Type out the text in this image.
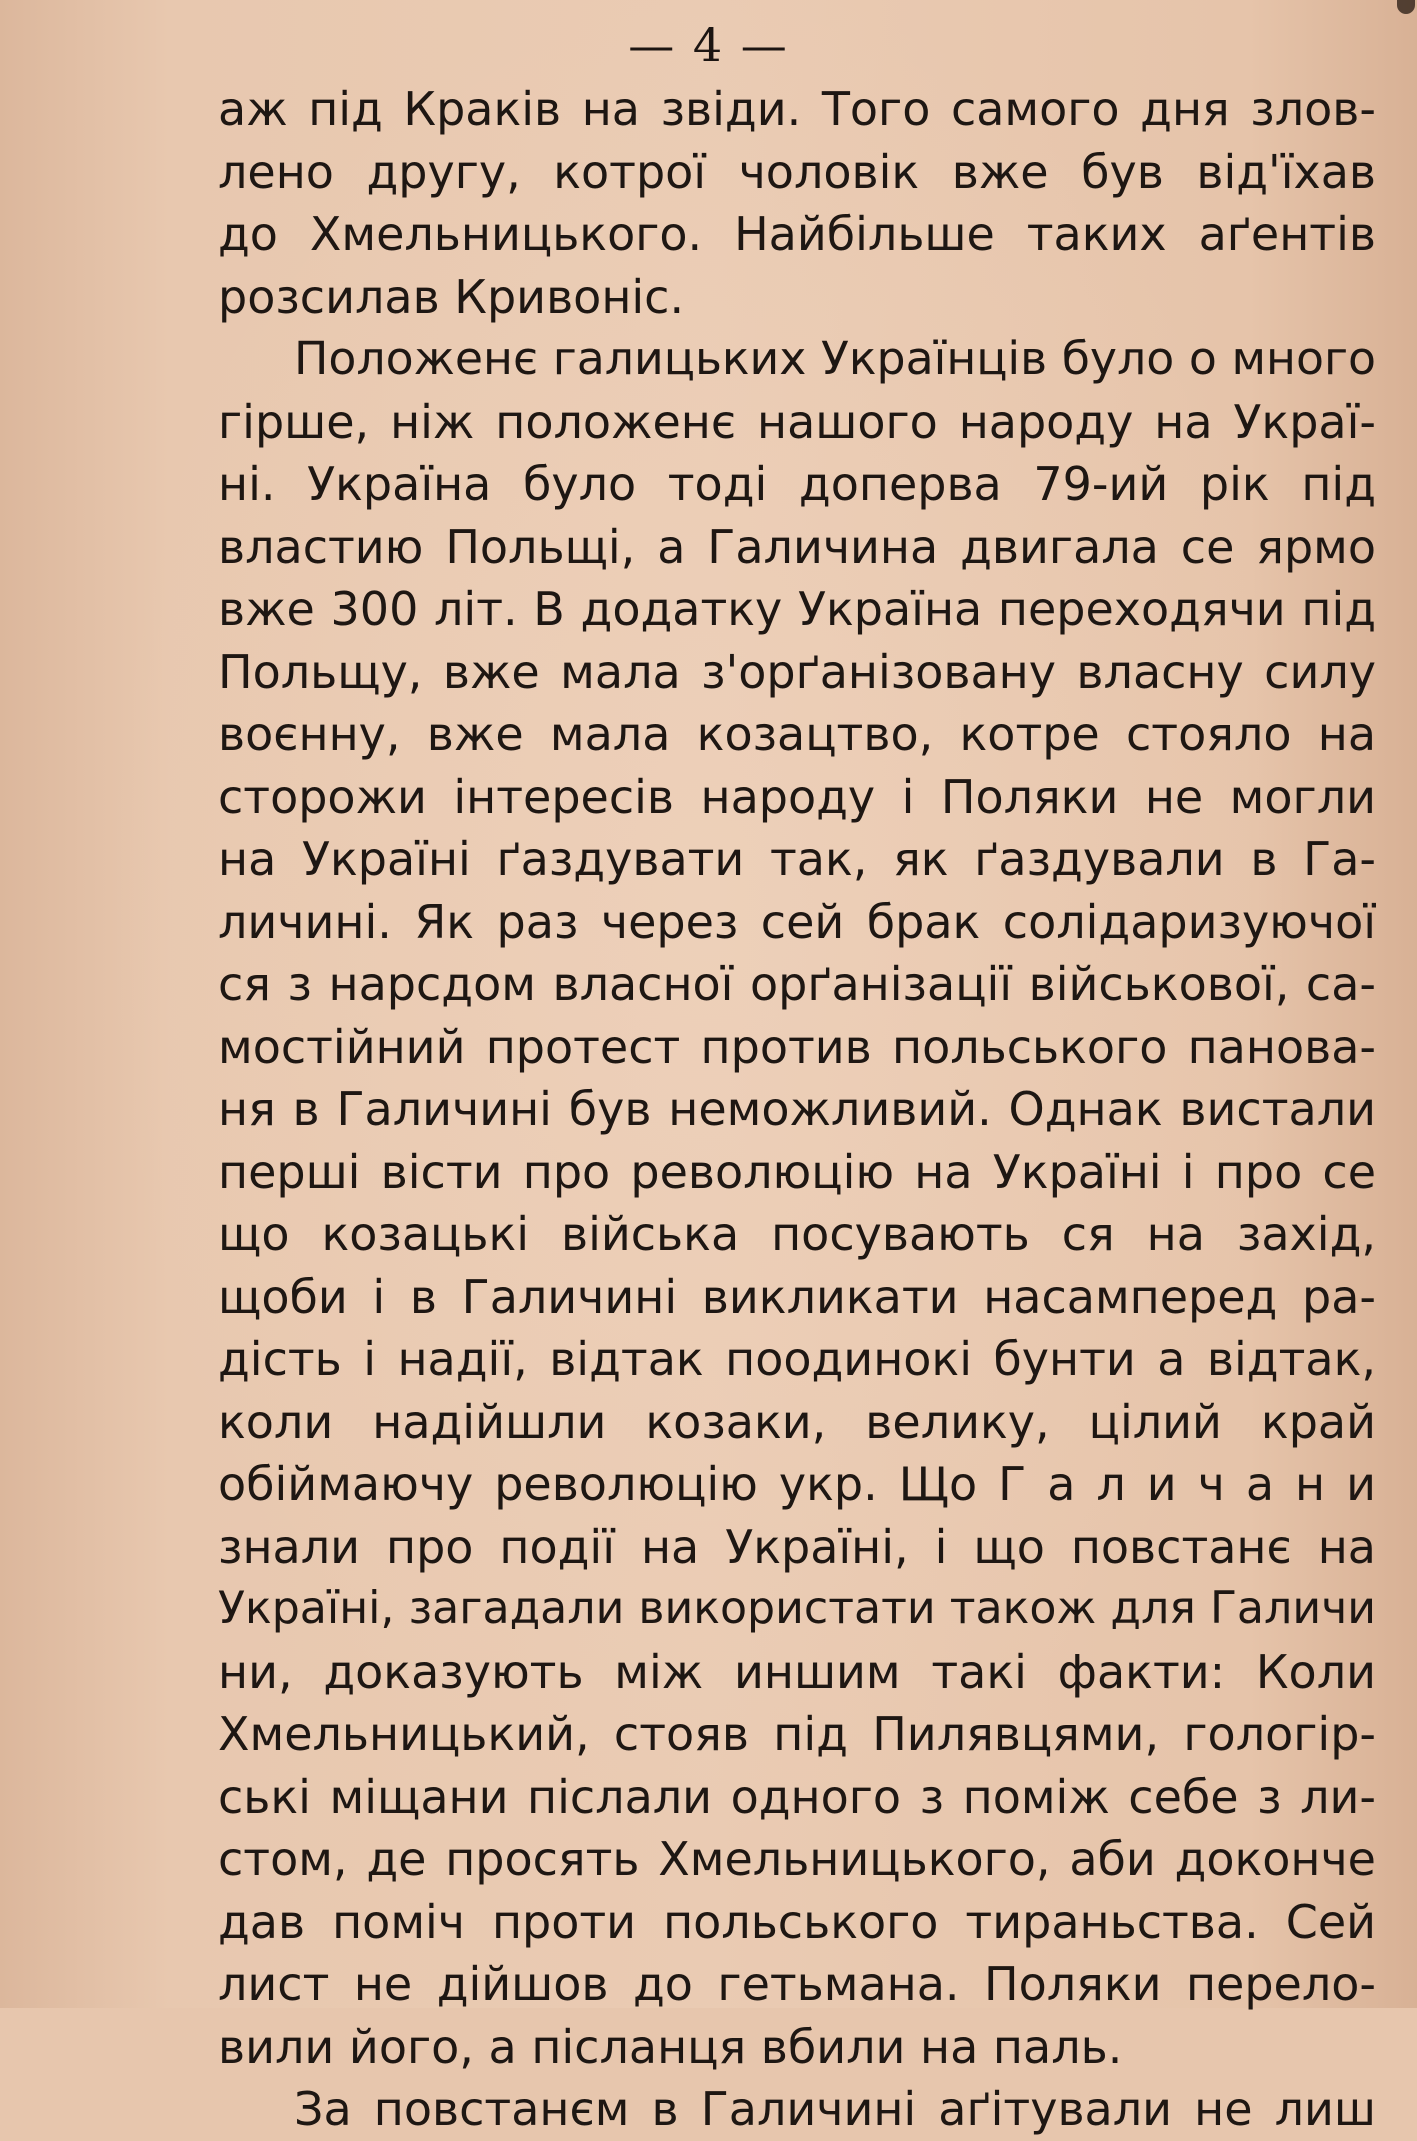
— 4 —
аж під Краків на звіди. Того самого дня злов-
лено другу, котрої чоловік вже був від'їхав
до Хмельницького. Найбільше таких аґентів
розсилав Кривоніс.
Положенє галицьких Українців було о много
гірше, ніж положенє нашого народу на Украї-
ні. Україна було тоді доперва 79-ий рік під
властию Польщі, а Галичина двигала се ярмо
вже 300 літ. В додатку Україна переходячи під
Польщу, вже мала з'орґанізовану власну силу
воєнну, вже мала козацтво, котре стояло на
сторожи інтересів народу і Поляки не могли
на Україні ґаздувати так, як ґаздували в Га-
личині. Як раз через сей брак солідаризуючої
ся з нарсдом власної орґанізації військової, са-
мостійний протест против польського панова-
ня в Галичині був неможливий. Однак вистали
перші вісти про революцію на Україні і про се
що козацькі війська посувають ся на захід,
щоби і в Галичині викликати насамперед ра-
дість і надії, відтак поодинокі бунти а відтак,
коли надійшли козаки, велику, цілий край
обіймаючу революцію укр. Що Г а л и ч а н и
знали про події на Україні, і що повстанє на
Україні, загадали використати також для Галичи
ни, доказують між иншим такі факти: Коли
Хмельницький, стояв під Пилявцями, гологір-
ські міщани післали одного з поміж себе з ли-
стом, де просять Хмельницького, аби доконче
дав поміч проти польського тираньства. Сей
лист не дійшов до гетьмана. Поляки перело-
вили його, а післанця вбили на паль.
За повстанєм в Галичині аґітували не лиш
